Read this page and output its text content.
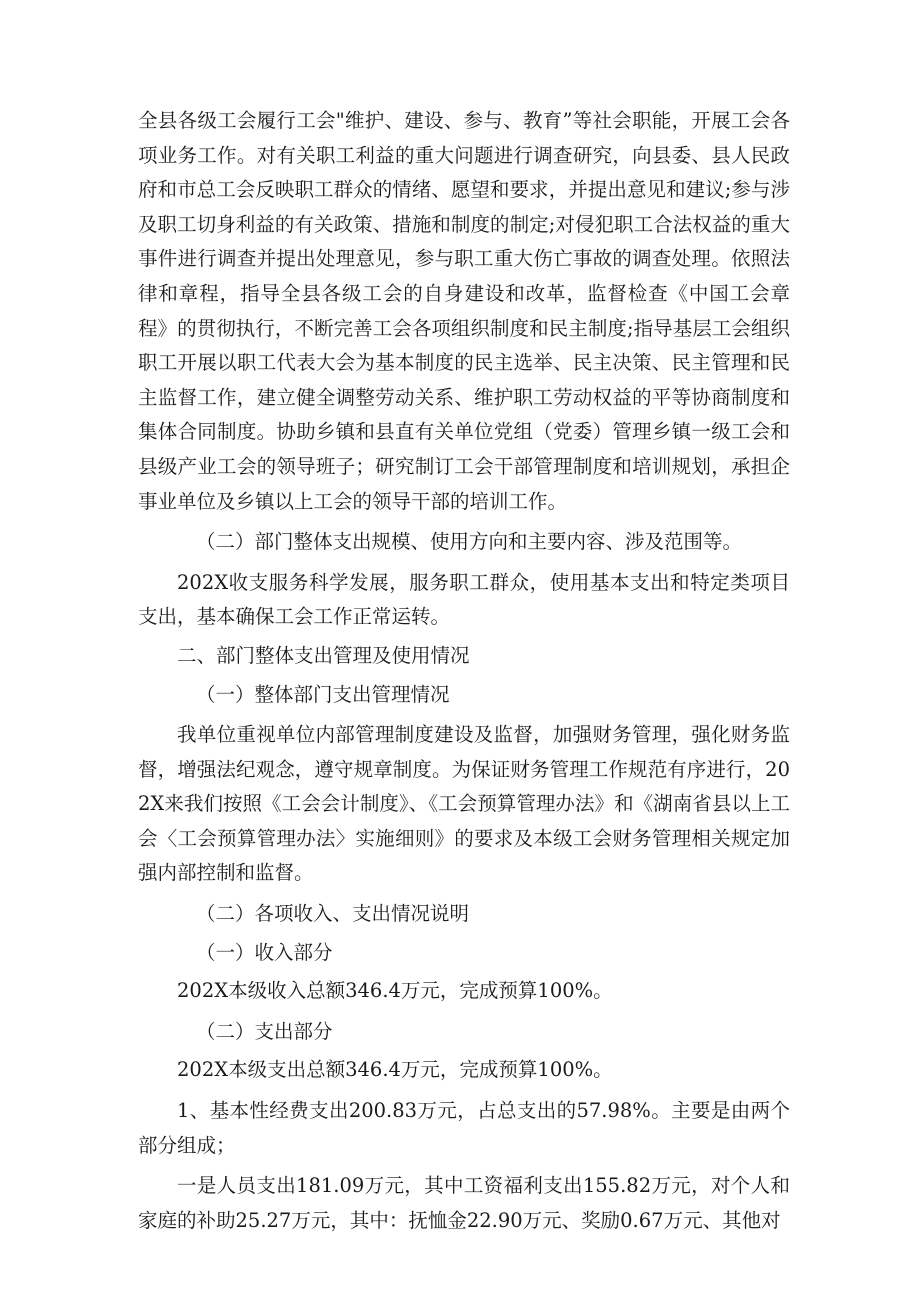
全县各级工会履行工会"维护、建设、参与、教育”等社会职能，开展工会各项业务工作。对有关职工利益的重大问题进行调查研究，向县委、县人民政府和市总工会反映职工群众的情绪、愿望和要求，并提出意见和建议;参与涉及职工切身利益的有关政策、措施和制度的制定;对侵犯职工合法权益的重大事件进行调查并提出处理意见，参与职工重大伤亡事故的调查处理。依照法律和章程，指导全县各级工会的自身建设和改革，监督检查《中国工会章程》的贯彻执行，不断完善工会各项组织制度和民主制度;指导基层工会组织职工开展以职工代表大会为基本制度的民主选举、民主决策、民主管理和民主监督工作，建立健全调整劳动关系、维护职工劳动权益的平等协商制度和集体合同制度。协助乡镇和县直有关单位党组（党委）管理乡镇一级工会和县级产业工会的领导班子；研究制订工会干部管理制度和培训规划，承担企事业单位及乡镇以上工会的领导干部的培训工作。

（二）部门整体支出规模、使用方向和主要内容、涉及范围等。

202X收支服务科学发展，服务职工群众，使用基本支出和特定类项目支出，基本确保工会工作正常运转。

二、部门整体支出管理及使用情况

（一）整体部门支出管理情况

我单位重视单位内部管理制度建设及监督，加强财务管理，强化财务监督，增强法纪观念，遵守规章制度。为保证财务管理工作规范有序进行，202X来我们按照《工会会计制度》、《工会预算管理办法》和《湖南省县以上工会〈工会预算管理办法〉实施细则》的要求及本级工会财务管理相关规定加强内部控制和监督。

（二）各项收入、支出情况说明

（一）收入部分

202X本级收入总额346.4万元，完成预算100%。

（二）支出部分

202X本级支出总额346.4万元，完成预算100%。

1、基本性经费支出200.83万元，占总支出的57.98%。主要是由两个部分组成；

一是人员支出181.09万元，其中工资福利支出155.82万元，对个人和家庭的补助25.27万元，其中：抚恤金22.90万元、奖励0.67万元、其他对
